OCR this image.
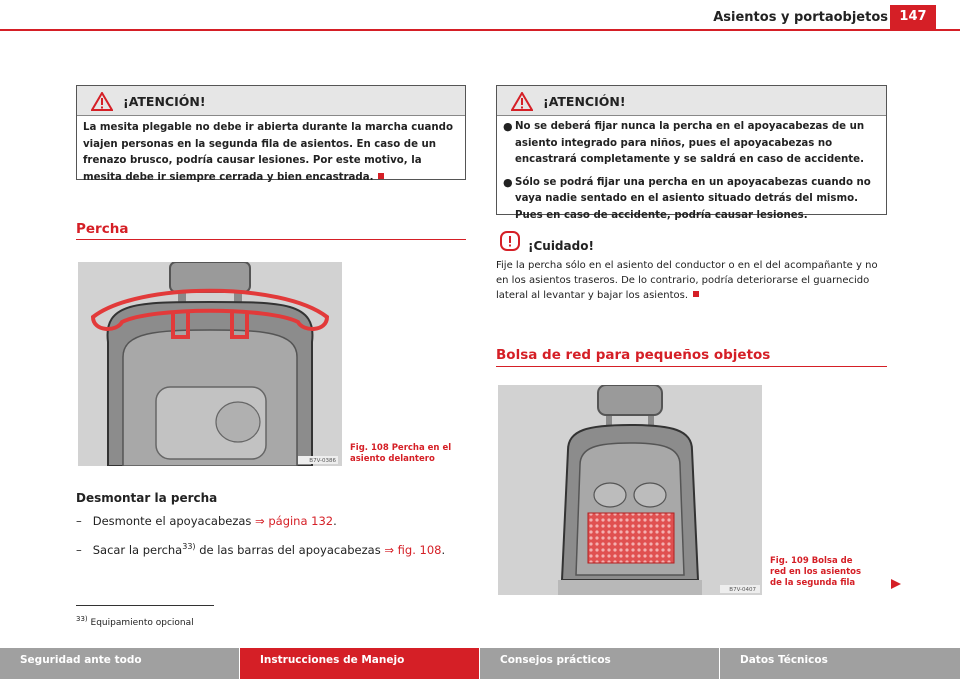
Asientos y portaobjetos 147
¡ATENCIÓN!
La mesita plegable no debe ir abierta durante la marcha cuando viajen personas en la segunda fila de asientos. En caso de un frenazo brusco, podría causar lesiones. Por este motivo, la mesita debe ir siempre cerrada y bien encastrada.
Percha
B7V-0386
Fig. 108 Percha en el asiento delantero
Desmontar la percha
–   Desmonte el apoyacabezas ⇒ página 132.
–   Sacar la percha$^{33)}$ de las barras del apoyacabezas ⇒ fig. 108.
$^{33)}$ Equipamiento opcional
¡ATENCIÓN!
● No se deberá fijar nunca la percha en el apoyacabezas de un asiento integrado para niños, pues el apoyacabezas no encastrará completamente y se saldrá en caso de accidente.
● Sólo se podrá fijar una percha en un apoyacabezas cuando no vaya nadie sentado en el asiento situado detrás del mismo. Pues en caso de accidente, podría causar lesiones.
¡Cuidado!
Fije la percha sólo en el asiento del conductor o en el del acompañante y no en los asientos traseros. De lo contrario, podría deteriorarse el guarnecido lateral al levantar y bajar los asientos.
Bolsa de red para pequeños objetos
B7V-0407
Fig. 109 Bolsa de red en los asientos de la segunda fila
Seguridad ante todo	Instrucciones de Manejo	Consejos prácticos	Datos Técnicos
